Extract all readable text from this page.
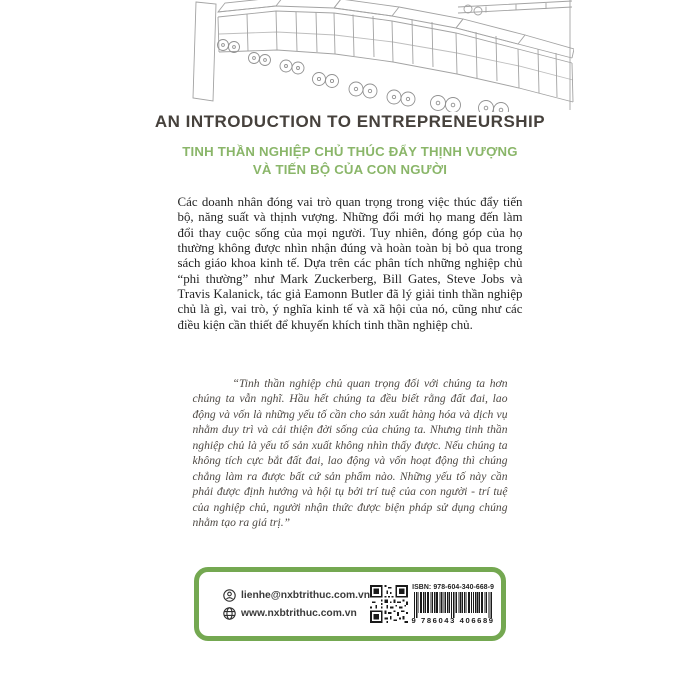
AN INTRODUCTION TO ENTREPRENEURSHIP
TINH THẦN NGHIỆP CHỦ THÚC ĐẨY THỊNH VƯỢNG
VÀ TIẾN BỘ CỦA CON NGƯỜI
Các doanh nhân đóng vai trò quan trọng trong việc thúc đẩy tiến bộ, năng suất và thịnh vượng. Những đổi mới họ mang đến làm đổi thay cuộc sống của mọi người. Tuy nhiên, đóng góp của họ thường không được nhìn nhận đúng và hoàn toàn bị bỏ qua trong sách giáo khoa kinh tế. Dựa trên các phân tích những nghiệp chủ “phi thường” như Mark Zuckerberg, Bill Gates, Steve Jobs và Travis Kalanick, tác giả Eamonn Butler đã lý giải tinh thần nghiệp chủ là gì, vai trò, ý nghĩa kinh tế và xã hội của nó, cũng như các điều kiện cần thiết để khuyến khích tinh thần nghiệp chủ.
“Tinh thần nghiệp chủ quan trọng đối với chúng ta hơn chúng ta vẫn nghĩ. Hầu hết chúng ta đều biết rằng đất đai, lao động và vốn là những yếu tố cần cho sản xuất hàng hóa và dịch vụ nhằm duy trì và cải thiện đời sống của chúng ta. Nhưng tinh thần nghiệp chủ là yếu tố sản xuất không nhìn thấy được. Nếu chúng ta không tích cực bắt đất đai, lao động và vốn hoạt động thì chúng chẳng làm ra được bất cứ sản phẩm nào. Những yếu tố này cần phải được định hướng và hội tụ bởi trí tuệ của con người - trí tuệ của nghiệp chủ, người nhận thức được biện pháp sử dụng chúng nhằm tạo ra giá trị.”
lienhe@nxbtrithuc.com.vn
www.nxbtrithuc.com.vn
ISBN: 978-604-340-668-9
9 786043 406689
